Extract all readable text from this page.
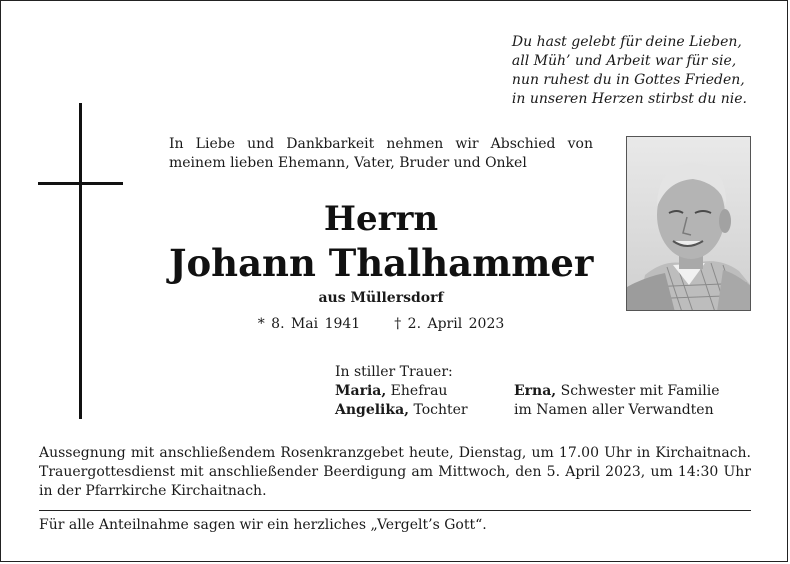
Du hast gelebt für deine Lieben,
all Müh’ und Arbeit war für sie,
nun ruhest du in Gottes Frieden,
in unseren Herzen stirbst du nie.
In Liebe und Dankbarkeit nehmen wir Abschied von meinem lieben Ehemann, Vater, Bruder und Onkel
Herrn
Johann Thalhammer
aus Müllersdorf
* 8. Mai 1941 † 2. April 2023
In stiller Trauer:
Maria, Ehefrau
Angelika, Tochter
Erna, Schwester mit Familie
im Namen aller Verwandten
Aussegnung mit anschließendem Rosenkranzgebet heute, Dienstag, um 17.00 Uhr in Kirchaitnach. Trauergottesdienst mit anschließender Beerdigung am Mittwoch, den 5. April 2023, um 14:30 Uhr in der Pfarrkirche Kirchaitnach.
Für alle Anteilnahme sagen wir ein herzliches „Vergelt’s Gott“.
